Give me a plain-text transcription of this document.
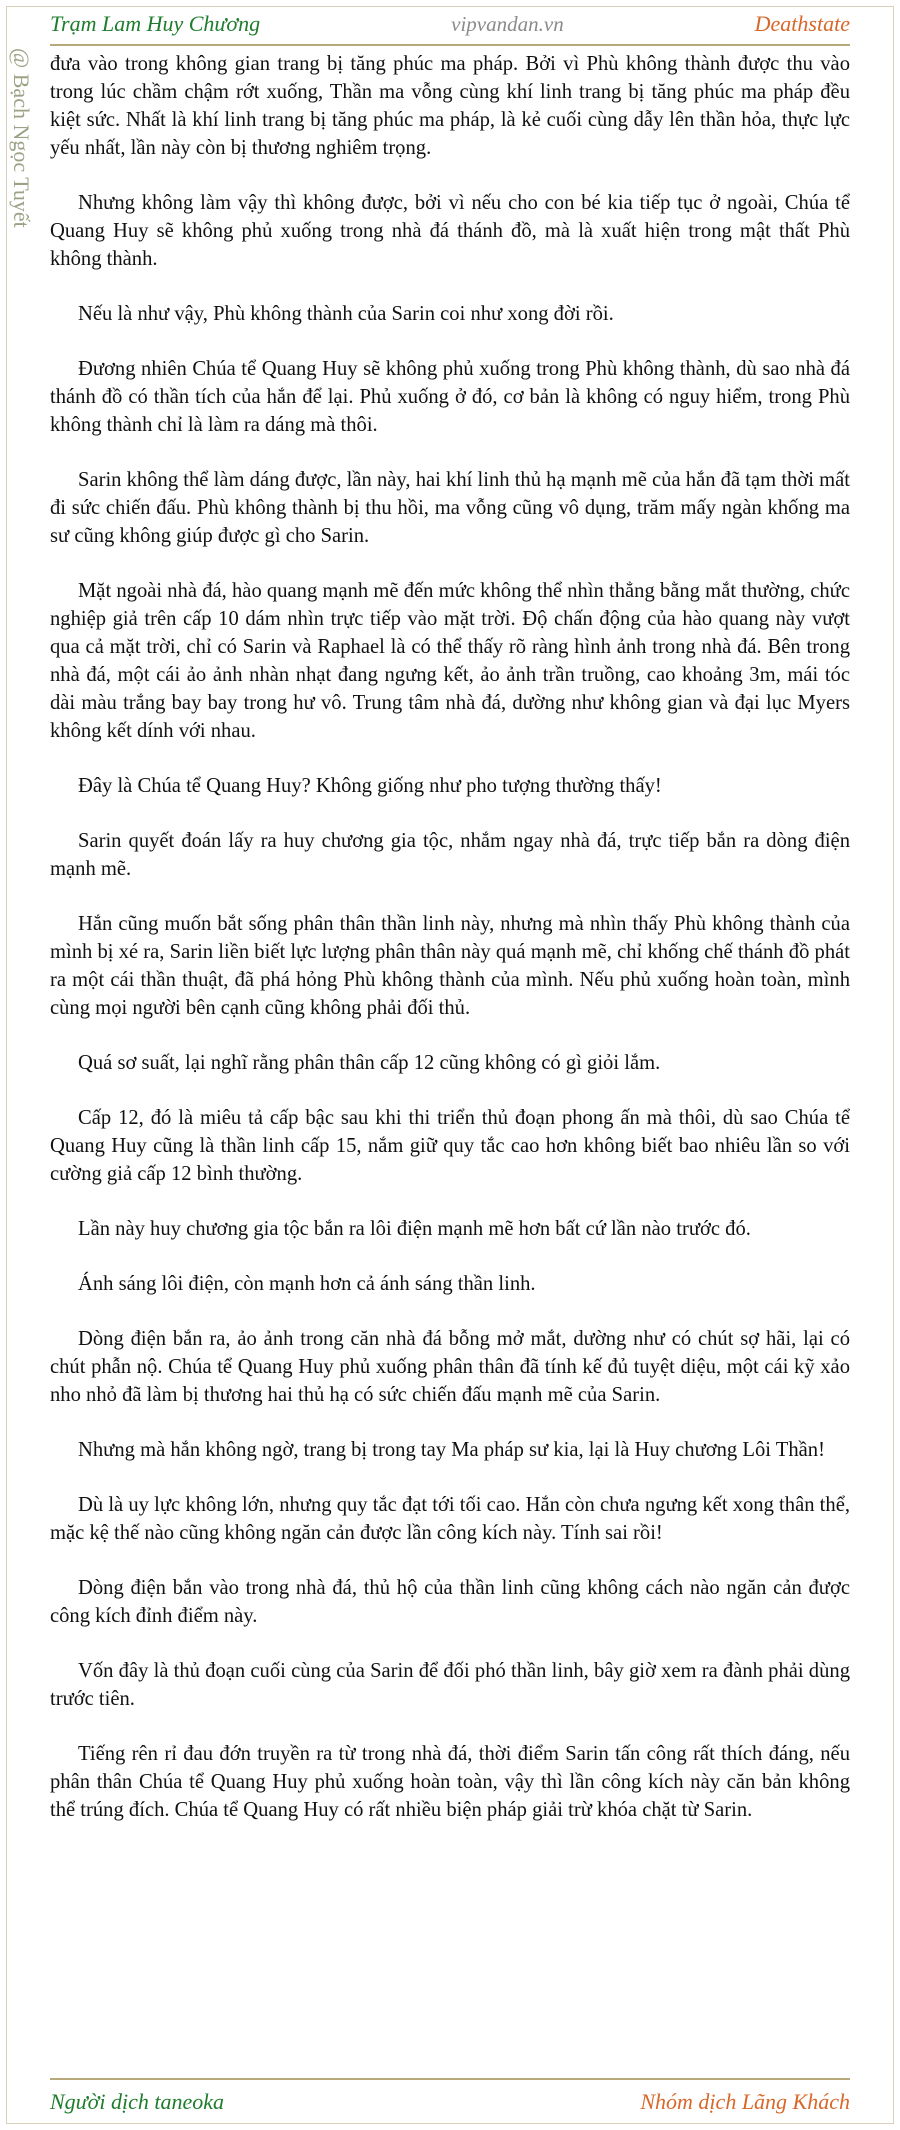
Trạm Lam Huy Chương	vipvandan.vn	Deathstate
@ Bạch Ngọc Tuyết đưa vào trong không gian trang bị tăng phúc ma pháp. Bởi vì Phù không thành được thu vào trong lúc chầm chậm rớt xuống, Thần ma vỗng cùng khí linh trang bị tăng phúc ma pháp đều kiệt sức. Nhất là khí linh trang bị tăng phúc ma pháp, là kẻ cuối cùng dẫy lên thần hỏa, thực lực yếu nhất, lần này còn bị thương nghiêm trọng.

Nhưng không làm vậy thì không được, bởi vì nếu cho con bé kia tiếp tục ở ngoài, Chúa tể Quang Huy sẽ không phủ xuống trong nhà đá thánh đồ, mà là xuất hiện trong mật thất Phù không thành.

Nếu là như vậy, Phù không thành của Sarin coi như xong đời rồi.

Đương nhiên Chúa tể Quang Huy sẽ không phủ xuống trong Phù không thành, dù sao nhà đá thánh đồ có thần tích của hắn để lại. Phủ xuống ở đó, cơ bản là không có nguy hiểm, trong Phù không thành chỉ là làm ra dáng mà thôi.

Sarin không thể làm dáng được, lần này, hai khí linh thủ hạ mạnh mẽ của hắn đã tạm thời mất đi sức chiến đấu. Phù không thành bị thu hồi, ma vỗng cũng vô dụng, trăm mấy ngàn khống ma sư cũng không giúp được gì cho Sarin.

Mặt ngoài nhà đá, hào quang mạnh mẽ đến mức không thể nhìn thẳng bằng mắt thường, chức nghiệp giả trên cấp 10 dám nhìn trực tiếp vào mặt trời. Độ chấn động của hào quang này vượt qua cả mặt trời, chỉ có Sarin và Raphael là có thể thấy rõ ràng hình ảnh trong nhà đá. Bên trong nhà đá, một cái ảo ảnh nhàn nhạt đang ngưng kết, ảo ảnh trần truồng, cao khoảng 3m, mái tóc dài màu trắng bay bay trong hư vô. Trung tâm nhà đá, dường như không gian và đại lục Myers không kết dính với nhau.

Đây là Chúa tể Quang Huy? Không giống như pho tượng thường thấy!

Sarin quyết đoán lấy ra huy chương gia tộc, nhắm ngay nhà đá, trực tiếp bắn ra dòng điện mạnh mẽ.

Hắn cũng muốn bắt sống phân thân thần linh này, nhưng mà nhìn thấy Phù không thành của mình bị xé ra, Sarin liền biết lực lượng phân thân này quá mạnh mẽ, chỉ khống chế thánh đồ phát ra một cái thần thuật, đã phá hỏng Phù không thành của mình. Nếu phủ xuống hoàn toàn, mình cùng mọi người bên cạnh cũng không phải đối thủ.

Quá sơ suất, lại nghĩ rằng phân thân cấp 12 cũng không có gì giỏi lắm.

Cấp 12, đó là miêu tả cấp bậc sau khi thi triển thủ đoạn phong ấn mà thôi, dù sao Chúa tể Quang Huy cũng là thần linh cấp 15, nắm giữ quy tắc cao hơn không biết bao nhiêu lần so với cường giả cấp 12 bình thường.

Lần này huy chương gia tộc bắn ra lôi điện mạnh mẽ hơn bất cứ lần nào trước đó.

Ánh sáng lôi điện, còn mạnh hơn cả ánh sáng thần linh.

Dòng điện bắn ra, ảo ảnh trong căn nhà đá bỗng mở mắt, dường như có chút sợ hãi, lại có chút phẫn nộ. Chúa tể Quang Huy phủ xuống phân thân đã tính kế đủ tuyệt diệu, một cái kỹ xảo nho nhỏ đã làm bị thương hai thủ hạ có sức chiến đấu mạnh mẽ của Sarin.

Nhưng mà hắn không ngờ, trang bị trong tay Ma pháp sư kia, lại là Huy chương Lôi Thần!

Dù là uy lực không lớn, nhưng quy tắc đạt tới tối cao. Hắn còn chưa ngưng kết xong thân thể, mặc kệ thế nào cũng không ngăn cản được lần công kích này. Tính sai rồi!

Dòng điện bắn vào trong nhà đá, thủ hộ của thần linh cũng không cách nào ngăn cản được công kích đỉnh điểm này.

Vốn đây là thủ đoạn cuối cùng của Sarin để đối phó thần linh, bây giờ xem ra đành phải dùng trước tiên.

Tiếng rên rỉ đau đớn truyền ra từ trong nhà đá, thời điểm Sarin tấn công rất thích đáng, nếu phân thân Chúa tể Quang Huy phủ xuống hoàn toàn, vậy thì lần công kích này căn bản không thể trúng đích. Chúa tể Quang Huy có rất nhiều biện pháp giải trừ khóa chặt từ Sarin.

Người dịch taneoka	Nhóm dịch Lãng Khách
